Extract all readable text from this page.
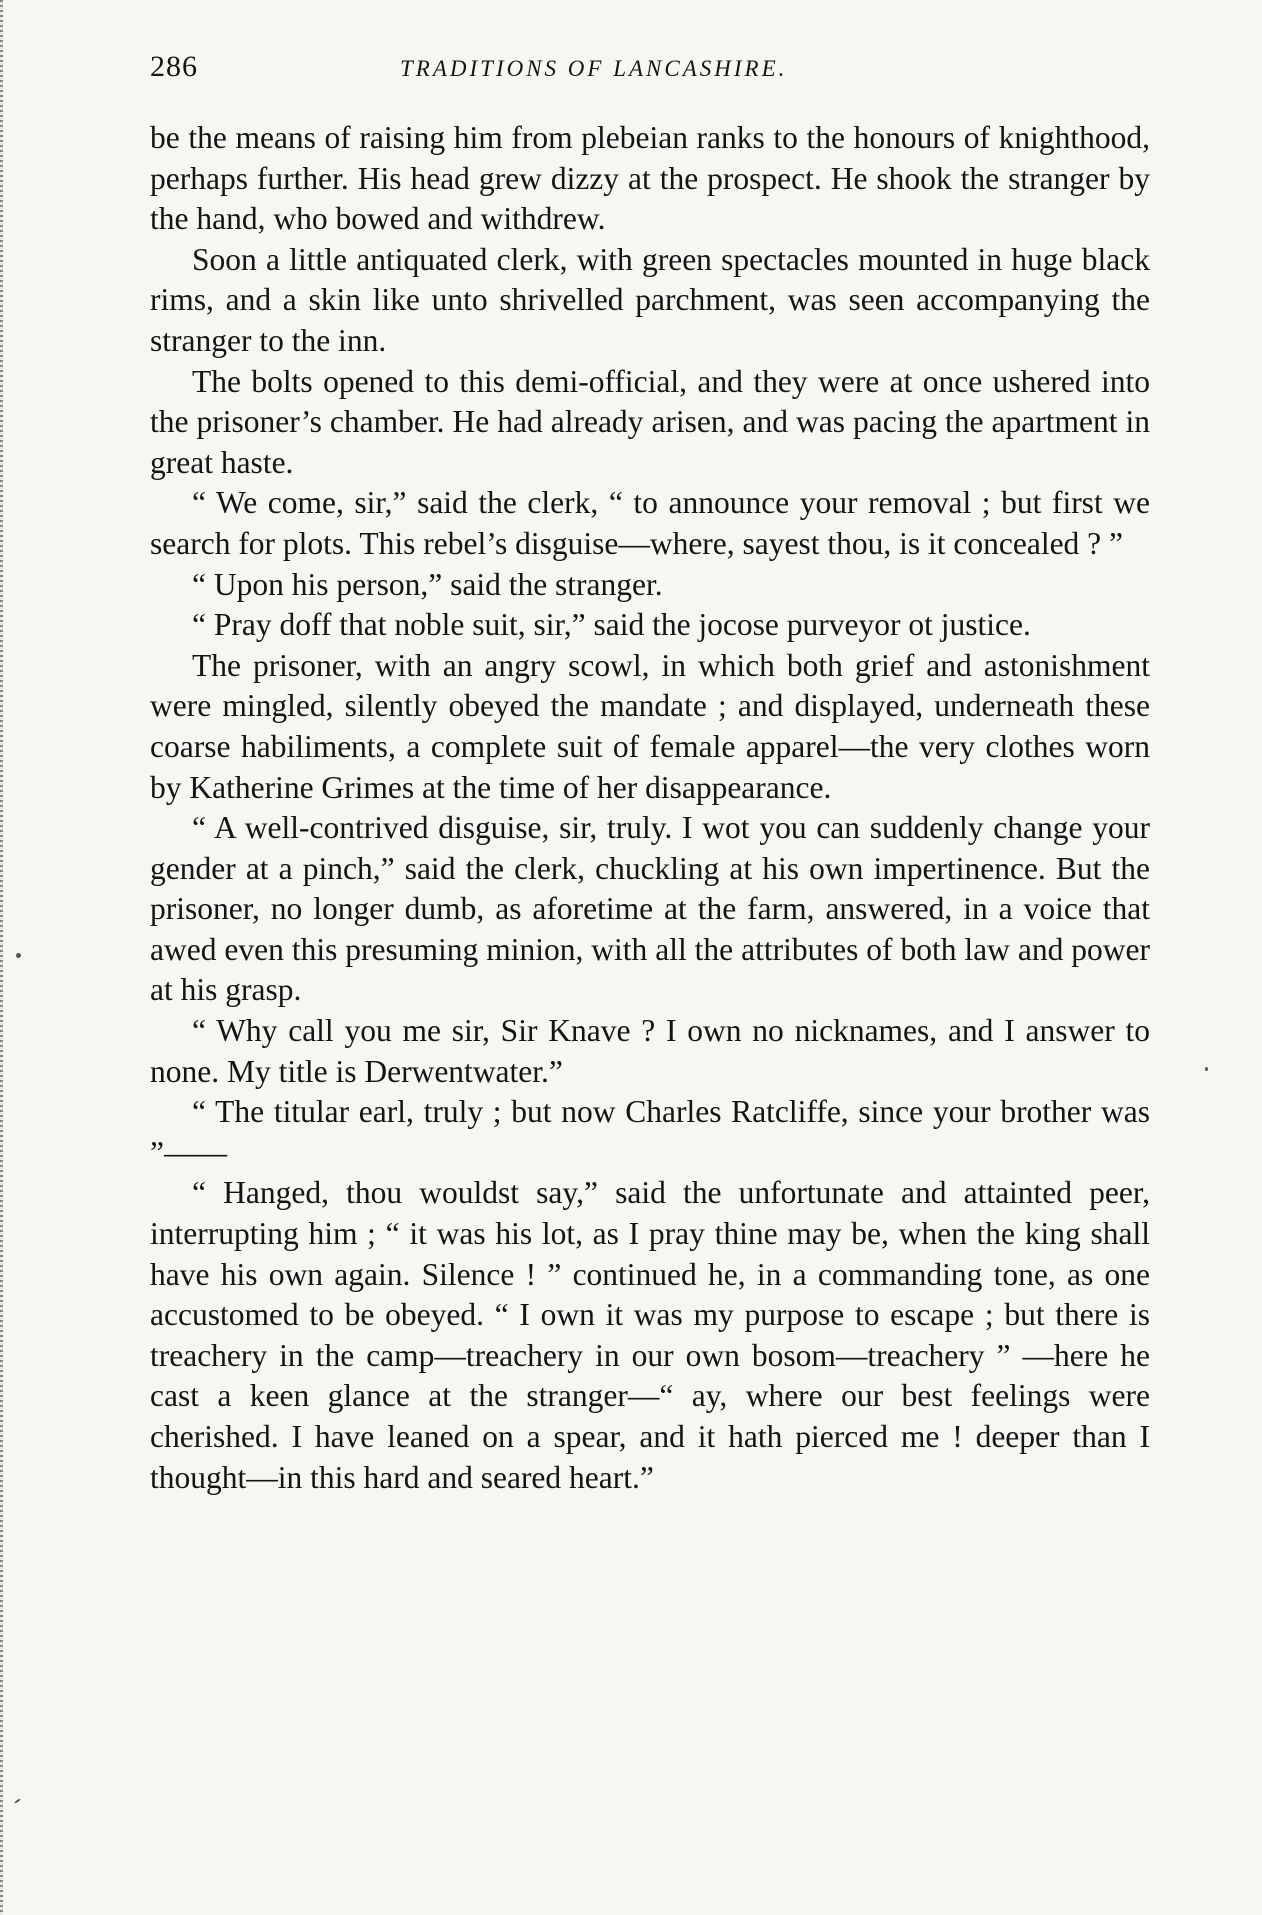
286	TRADITIONS OF LANCASHIRE.

be the means of raising him from plebeian ranks to the honours of knighthood, perhaps further. His head grew dizzy at the prospect. He shook the stranger by the hand, who bowed and withdrew.

Soon a little antiquated clerk, with green spectacles mounted in huge black rims, and a skin like unto shrivelled parchment, was seen accompanying the stranger to the inn.

The bolts opened to this demi-official, and they were at once ushered into the prisoner’s chamber. He had already arisen, and was pacing the apartment in great haste.

“ We come, sir,” said the clerk, “ to announce your removal ; but first we search for plots. This rebel’s disguise—where, sayest thou, is it concealed ? ”

“ Upon his person,” said the stranger.

“ Pray doff that noble suit, sir,” said the jocose purveyor ot justice.

The prisoner, with an angry scowl, in which both grief and astonishment were mingled, silently obeyed the mandate ; and displayed, underneath these coarse habiliments, a complete suit of female apparel—the very clothes worn by Katherine Grimes at the time of her disappearance.

“ A well-contrived disguise, sir, truly. I wot you can suddenly change your gender at a pinch,” said the clerk, chuckling at his own impertinence. But the prisoner, no longer dumb, as aforetime at the farm, answered, in a voice that awed even this presuming minion, with all the attributes of both law and power at his grasp.

“ Why call you me sir, Sir Knave ? I own no nicknames, and I answer to none. My title is Derwentwater.”

“ The titular earl, truly ; but now Charles Ratcliffe, since your brother was ”——

“ Hanged, thou wouldst say,” said the unfortunate and attainted peer, interrupting him ; “ it was his lot, as I pray thine may be, when the king shall have his own again. Silence ! ” continued he, in a commanding tone, as one accustomed to be obeyed. “ I own it was my purpose to escape ; but there is treachery in the camp—treachery in our own bosom—treachery ” —here he cast a keen glance at the stranger—“ ay, where our best feelings were cherished. I have leaned on a spear, and it hath pierced me ! deeper than I thought—in this hard and seared heart.”
